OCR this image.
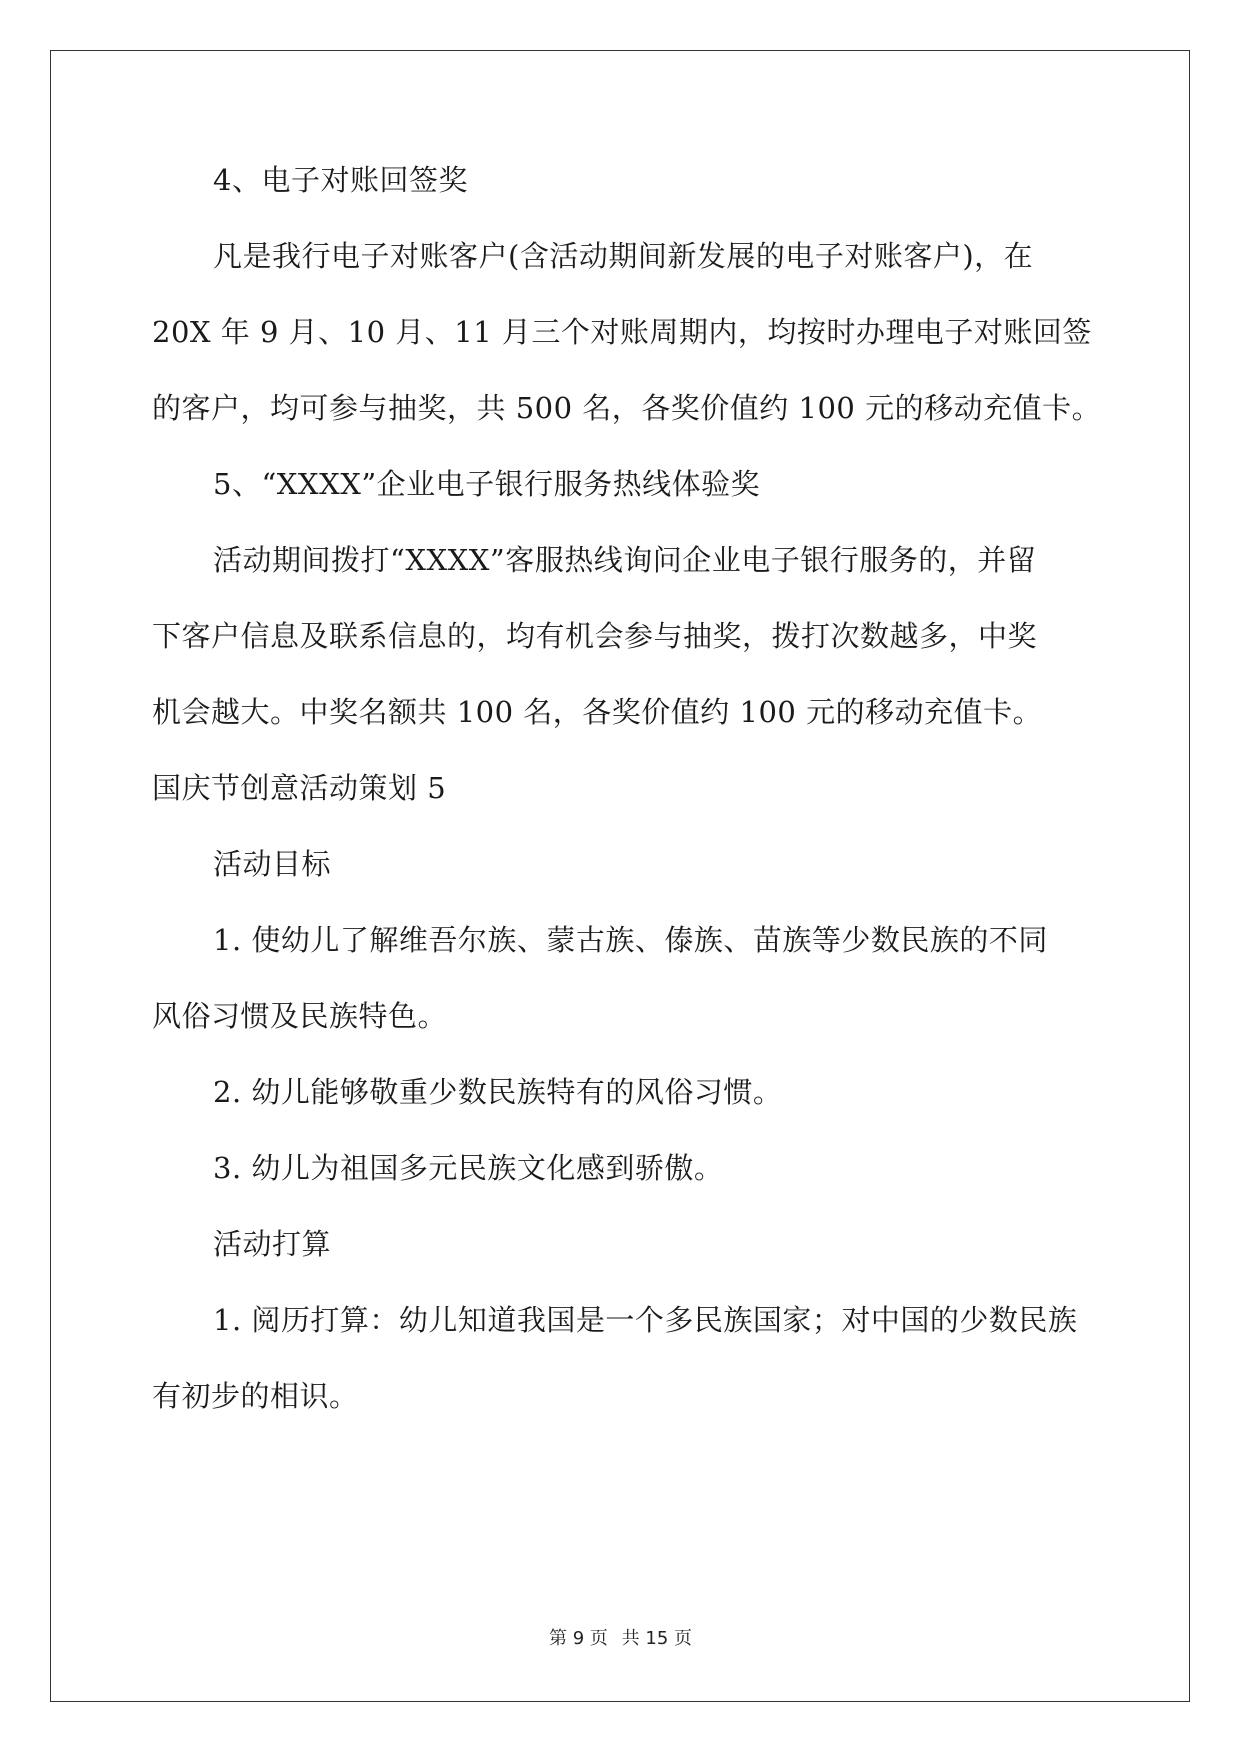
4、电子对账回签奖
凡是我行电子对账客户(含活动期间新发展的电子对账客户)，在
20X 年 9 月、10 月、11 月三个对账周期内，均按时办理电子对账回签
的客户，均可参与抽奖，共 500 名，各奖价值约 100 元的移动充值卡。
5、“XXXX”企业电子银行服务热线体验奖
活动期间拨打“XXXX”客服热线询问企业电子银行服务的，并留
下客户信息及联系信息的，均有机会参与抽奖，拨打次数越多，中奖
机会越大。中奖名额共 100 名，各奖价值约 100 元的移动充值卡。
国庆节创意活动策划 5
活动目标
1. 使幼儿了解维吾尔族、蒙古族、傣族、苗族等少数民族的不同
风俗习惯及民族特色。
2. 幼儿能够敬重少数民族特有的风俗习惯。
3. 幼儿为祖国多元民族文化感到骄傲。
活动打算
1. 阅历打算：幼儿知道我国是一个多民族国家；对中国的少数民族
有初步的相识。
第 9 页 共 15 页
